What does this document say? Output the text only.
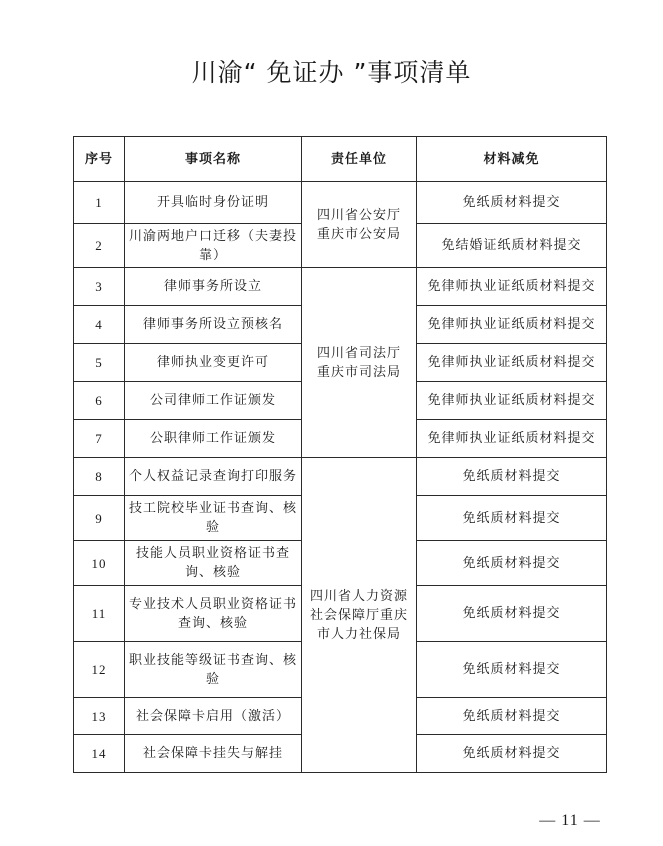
川渝“ 免证办 ”事项清单
序号	事项名称	责任单位	材料减免
1	开具临时身份证明	四川省公安厅重庆市公安局	免纸质材料提交
2	川渝两地户口迁移（夫妻投靠）		免结婚证纸质材料提交
3	律师事务所设立	四川省司法厅重庆市司法局	免律师执业证纸质材料提交
4	律师事务所设立预核名		免律师执业证纸质材料提交
5	律师执业变更许可		免律师执业证纸质材料提交
6	公司律师工作证颁发		免律师执业证纸质材料提交
7	公职律师工作证颁发		免律师执业证纸质材料提交
8	个人权益记录查询打印服务	四川省人力资源社会保障厅重庆市人力社保局	免纸质材料提交
9	技工院校毕业证书查询、核验		免纸质材料提交
10	技能人员职业资格证书查询、核验		免纸质材料提交
11	专业技术人员职业资格证书查询、核验		免纸质材料提交
12	职业技能等级证书查询、核验		免纸质材料提交
13	社会保障卡启用（激活）		免纸质材料提交
14	社会保障卡挂失与解挂		免纸质材料提交
— 11 —
